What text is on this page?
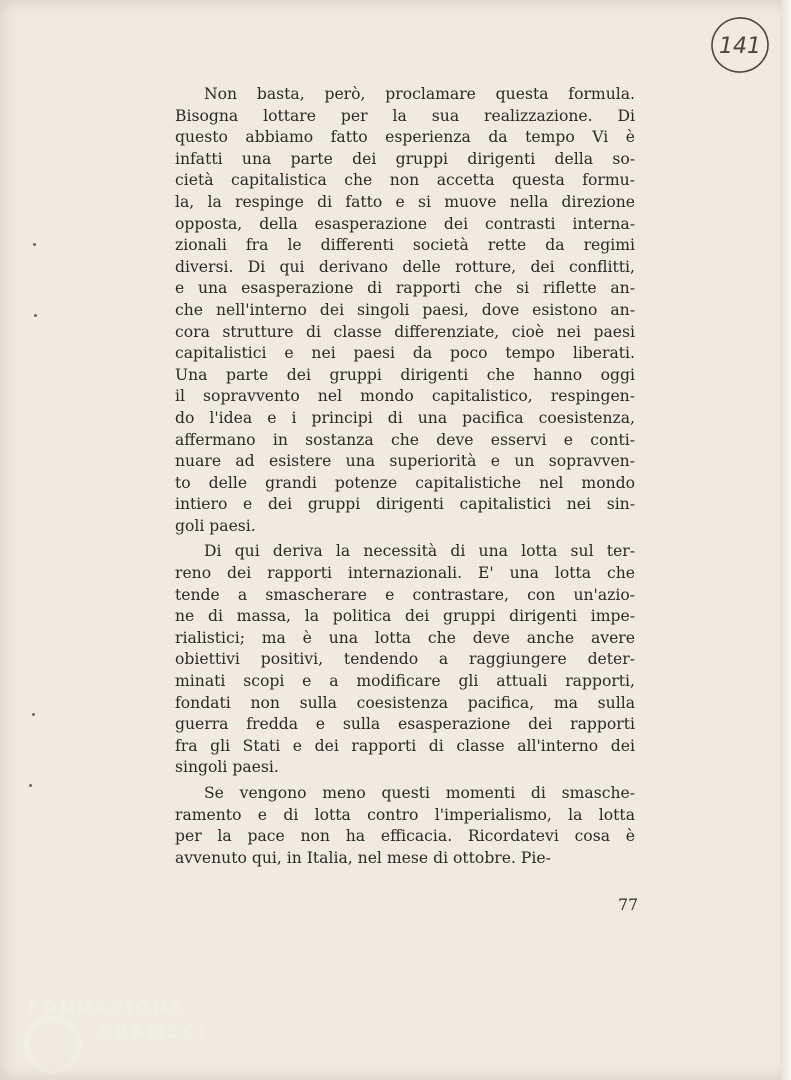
141
Non basta, però, proclamare questa formula.
Bisogna lottare per la sua realizzazione. Di
questo abbiamo fatto esperienza da tempo Vi è
infatti una parte dei gruppi dirigenti della so-
cietà capitalistica che non accetta questa formu-
la, la respinge di fatto e si muove nella direzione
opposta, della esasperazione dei contrasti interna-
zionali fra le differenti società rette da regimi
diversi. Di qui derivano delle rotture, dei conflitti,
e una esasperazione di rapporti che si riflette an-
che nell'interno dei singoli paesi, dove esistono an-
cora strutture di classe differenziate, cioè nei paesi
capitalistici e nei paesi da poco tempo liberati.
Una parte dei gruppi dirigenti che hanno oggi
il sopravvento nel mondo capitalistico, respingen-
do l'idea e i principi di una pacifica coesistenza,
affermano in sostanza che deve esservi e conti-
nuare ad esistere una superiorità e un sopravven-
to delle grandi potenze capitalistiche nel mondo
intiero e dei gruppi dirigenti capitalistici nei sin-
goli paesi.
Di qui deriva la necessità di una lotta sul ter-
reno dei rapporti internazionali. E' una lotta che
tende a smascherare e contrastare, con un'azio-
ne di massa, la politica dei gruppi dirigenti impe-
rialistici; ma è una lotta che deve anche avere
obiettivi positivi, tendendo a raggiungere deter-
minati scopi e a modificare gli attuali rapporti,
fondati non sulla coesistenza pacifica, ma sulla
guerra fredda e sulla esasperazione dei rapporti
fra gli Stati e dei rapporti di classe all'interno dei
singoli paesi.
Se vengono meno questi momenti di smasche-
ramento e di lotta contro l'imperialismo, la lotta
per la pace non ha efficacia. Ricordatevi cosa è
avvenuto qui, in Italia, nel mese di ottobre. Pie-
77
FONDAZIONE
GRAMSCI
